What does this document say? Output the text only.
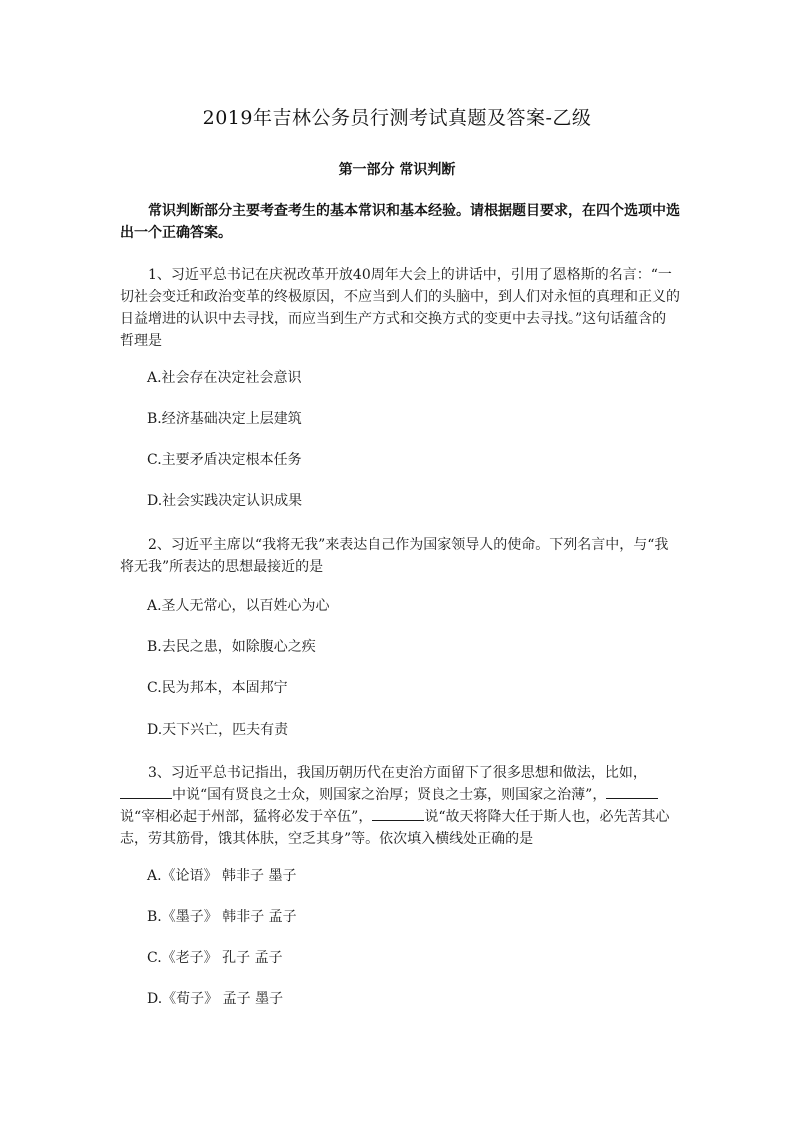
2019年吉林公务员行测考试真题及答案-乙级
第一部分 常识判断
常识判断部分主要考查考生的基本常识和基本经验。请根据题目要求，在四个选项中选出一个正确答案。
1、习近平总书记在庆祝改革开放40周年大会上的讲话中，引用了恩格斯的名言：“一切社会变迁和政治变革的终极原因，不应当到人们的头脑中，到人们对永恒的真理和正义的日益增进的认识中去寻找，而应当到生产方式和交换方式的变更中去寻找。”这句话蕴含的哲理是
A.社会存在决定社会意识
B.经济基础决定上层建筑
C.主要矛盾决定根本任务
D.社会实践决定认识成果
2、习近平主席以“我将无我”来表达自己作为国家领导人的使命。下列名言中，与“我将无我”所表达的思想最接近的是
A.圣人无常心，以百姓心为心
B.去民之患，如除腹心之疾
C.民为邦本，本固邦宁
D.天下兴亡，匹夫有责
3、习近平总书记指出，我国历朝历代在吏治方面留下了很多思想和做法，比如，中说“国有贤良之士众，则国家之治厚；贤良之士寡，则国家之治薄”，说“宰相必起于州部，猛将必发于卒伍”，	说“故天将降大任于斯人也，必先苦其心志，劳其筋骨，饿其体肤，空乏其身”等。依次填入横线处正确的是
A.《论语》 韩非子 墨子
B.《墨子》 韩非子 孟子
C.《老子》 孔子 孟子
D.《荀子》 孟子 墨子
